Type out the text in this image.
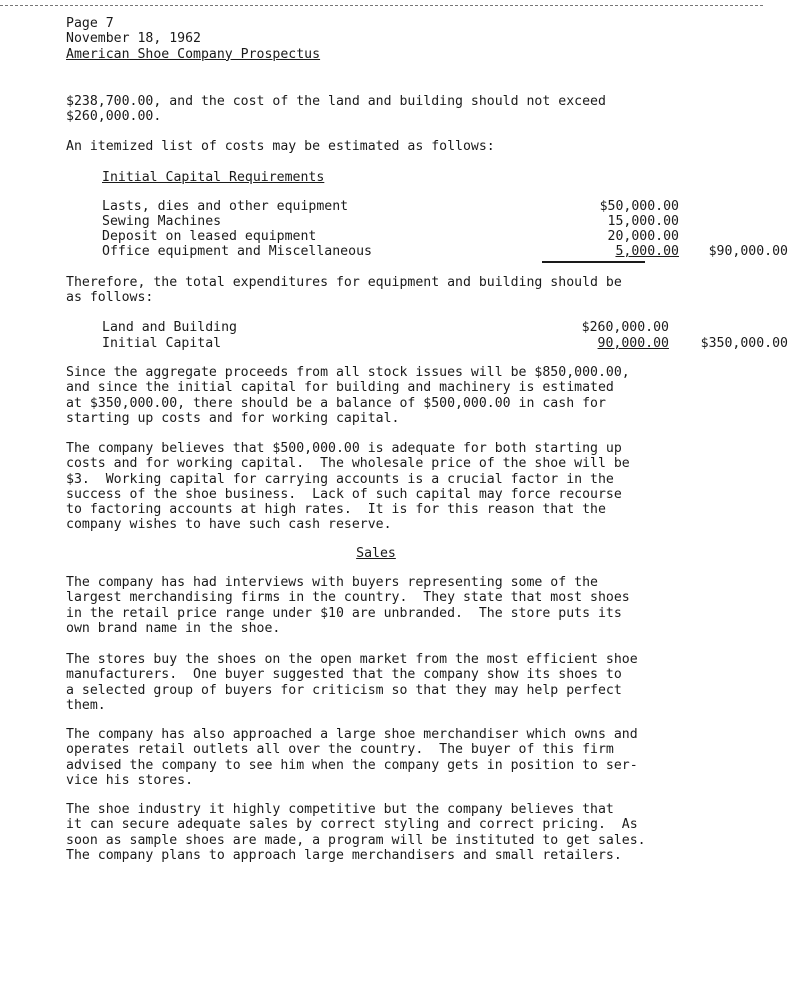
Page 7
November 18, 1962
American Shoe Company Prospectus
$238,700.00, and the cost of the land and building should not exceed
$260,000.00.
An itemized list of costs may be estimated as follows:
Initial Capital Requirements
Lasts, dies and other equipment	$50,000.00
Sewing Machines	15,000.00
Deposit on leased equipment	20,000.00
Office equipment and Miscellaneous	5,000.00	$90,000.00
Therefore, the total expenditures for equipment and building should be
as follows:
Land and Building	$260,000.00
Initial Capital	90,000.00	$350,000.00
Since the aggregate proceeds from all stock issues will be $850,000.00,
and since the initial capital for building and machinery is estimated
at $350,000.00, there should be a balance of $500,000.00 in cash for
starting up costs and for working capital.
The company believes that $500,000.00 is adequate for both starting up
costs and for working capital.  The wholesale price of the shoe will be
$3.  Working capital for carrying accounts is a crucial factor in the
success of the shoe business.  Lack of such capital may force recourse
to factoring accounts at high rates.  It is for this reason that the
company wishes to have such cash reserve.
Sales
The company has had interviews with buyers representing some of the
largest merchandising firms in the country.  They state that most shoes
in the retail price range under $10 are unbranded.  The store puts its
own brand name in the shoe.
The stores buy the shoes on the open market from the most efficient shoe
manufacturers.  One buyer suggested that the company show its shoes to
a selected group of buyers for criticism so that they may help perfect
them.
The company has also approached a large shoe merchandiser which owns and
operates retail outlets all over the country.  The buyer of this firm
advised the company to see him when the company gets in position to ser-
vice his stores.
The shoe industry it highly competitive but the company believes that
it can secure adequate sales by correct styling and correct pricing.  As
soon as sample shoes are made, a program will be instituted to get sales.
The company plans to approach large merchandisers and small retailers.
